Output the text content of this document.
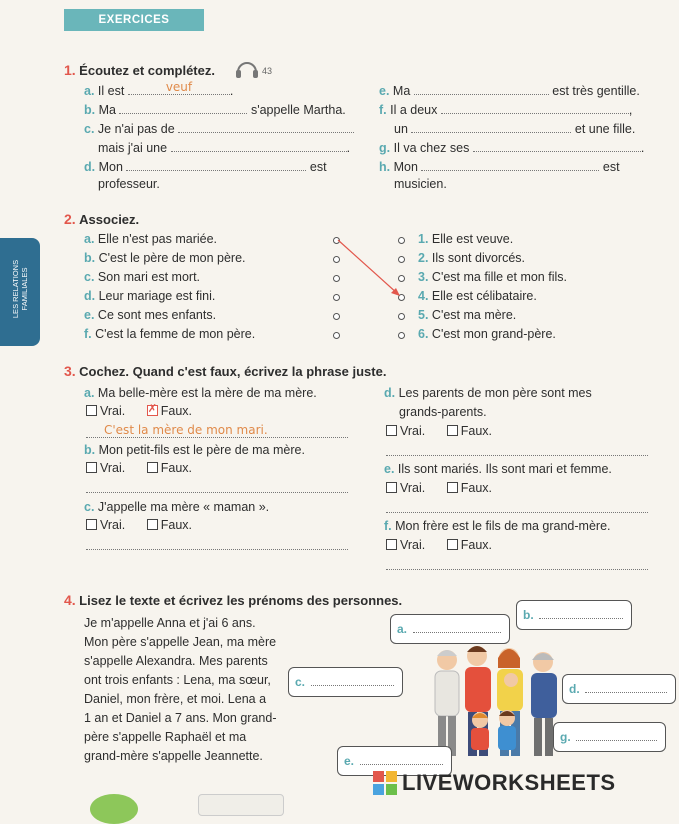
EXERCICES
LES RELATIONS FAMILIALES
1. Écoutez et complétez.	43
a. Il est	veuf	.
b. Ma	s'appelle Martha.
c. Je n'ai pas de
mais j'ai une	.
d. Mon	est
professeur.
e. Ma	est très gentille.
f. Il a deux	,
un	et une fille.
g. Il va chez ses	.
h. Mon	est
musicien.
2. Associez.
a. Elle n'est pas mariée.
b. C'est le père de mon père.
c. Son mari est mort.
d. Leur mariage est fini.
e. Ce sont mes enfants.
f. C'est la femme de mon père.
1. Elle est veuve.
2. Ils sont divorcés.
3. C'est ma fille et mon fils.
4. Elle est célibataire.
5. C'est ma mère.
6. C'est mon grand-père.
3. Cochez. Quand c'est faux, écrivez la phrase juste.
a. Ma belle-mère est la mère de ma mère.
Vrai. ✗	Faux.
C'est la mère de mon mari.
b. Mon petit-fils est le père de ma mère.
Vrai.	Faux.
c. J'appelle ma mère « maman ».
Vrai.	Faux.
d. Les parents de mon père sont mes
grands-parents.
Vrai.	Faux.
e. Ils sont mariés. Ils sont mari et femme.
Vrai.	Faux.
f. Mon frère est le fils de ma grand-mère.
Vrai.	Faux.
4. Lisez le texte et écrivez les prénoms des personnes.
Je m'appelle Anna et j'ai 6 ans.
Mon père s'appelle Jean, ma mère
s'appelle Alexandra. Mes parents
ont trois enfants : Lena, ma sœur,
Daniel, mon frère, et moi. Lena a
1 an et Daniel a 7 ans. Mon grand-
père s'appelle Raphaël et ma
grand-mère s'appelle Jeannette.
a.
b.
c.	d.
g.
e.
LIVEWORKSHEETS
